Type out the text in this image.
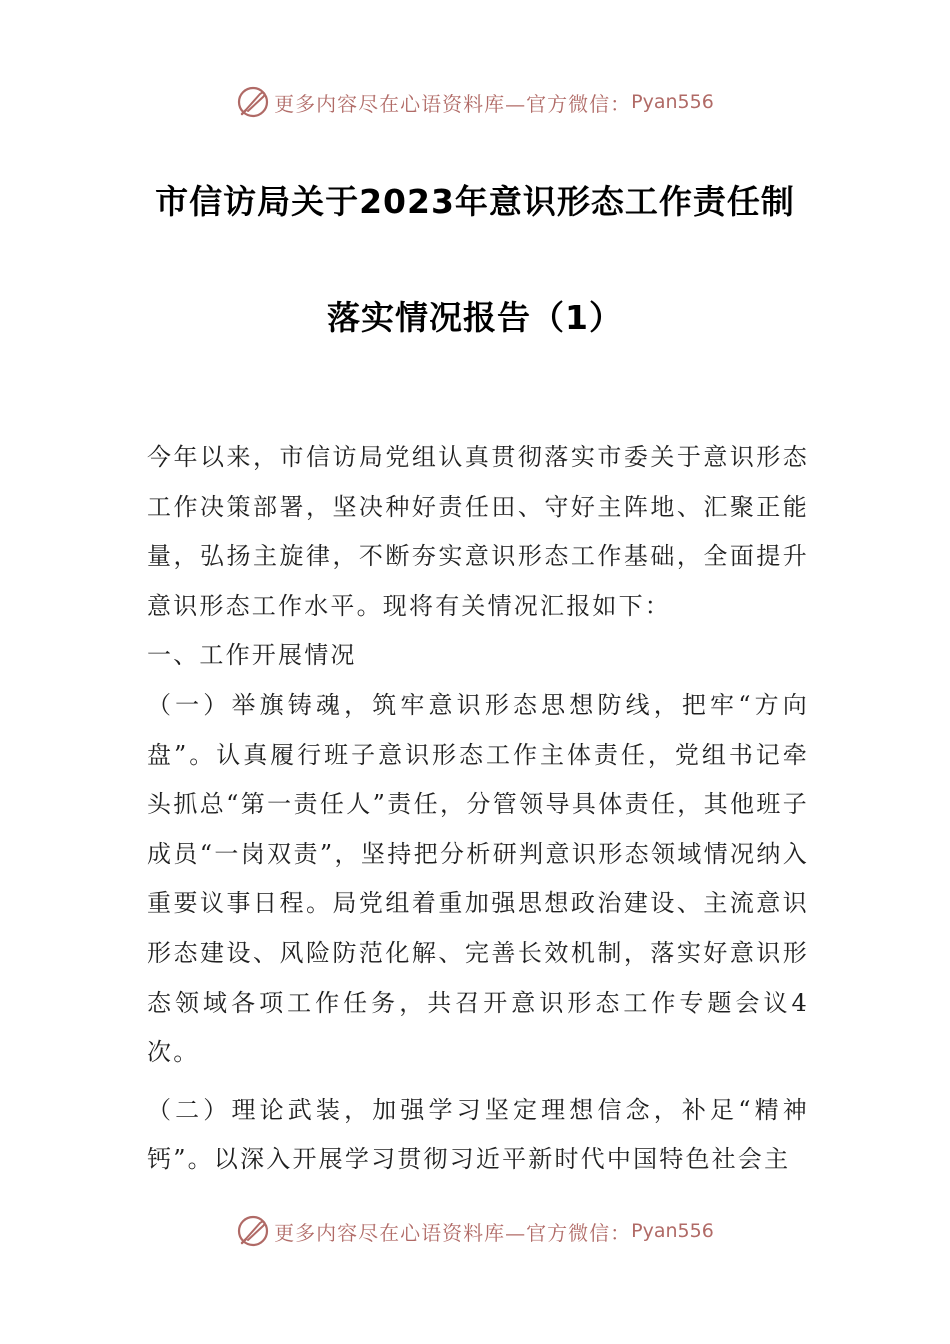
更多内容尽在心语资料库—官方微信： Pyan556
市信访局关于2023年意识形态工作责任制
落实情况报告（1）

今年以来，市信访局党组认真贯彻落实市委关于意识形态工作决策部署，坚决种好责任田、守好主阵地、汇聚正能量，弘扬主旋律，不断夯实意识形态工作基础，全面提升意识形态工作水平。现将有关情况汇报如下：

一、工作开展情况

（一）举旗铸魂，筑牢意识形态思想防线，把牢“方向盘”。认真履行班子意识形态工作主体责任，党组书记牵头抓总“第一责任人”责任，分管领导具体责任，其他班子成员“一岗双责”，坚持把分析研判意识形态领域情况纳入重要议事日程。局党组着重加强思想政治建设、主流意识形态建设、风险防范化解、完善长效机制，落实好意识形态领域各项工作任务，共召开意识形态工作专题会议4次。

（二）理论武装，加强学习坚定理想信念，补足“精神钙”。以深入开展学习贯彻习近平新时代中国特色社会主

更多内容尽在心语资料库—官方微信： Pyan556
